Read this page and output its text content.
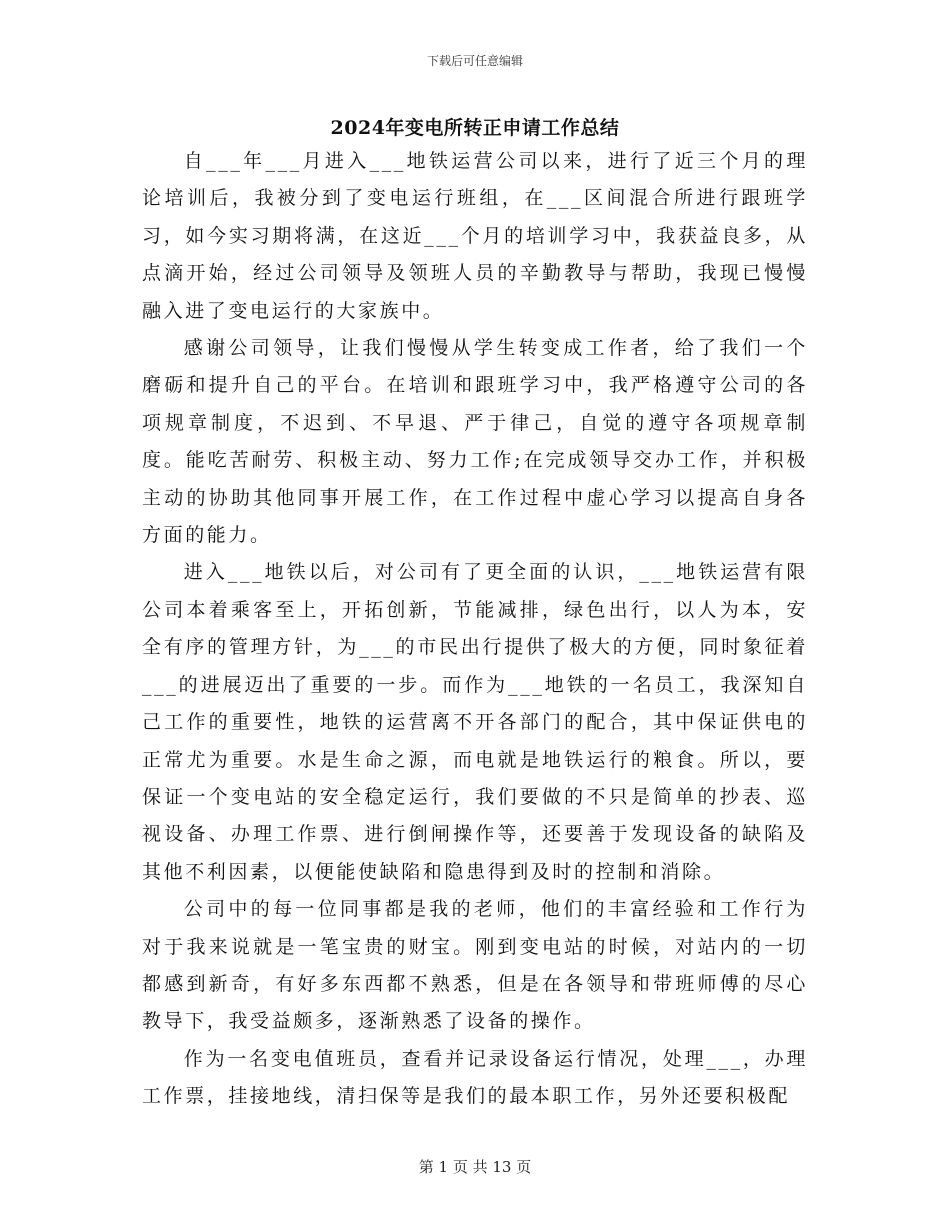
下载后可任意编辑
2024年变电所转正申请工作总结

自___年___月进入___地铁运营公司以来，进行了近三个月的理论培训后，我被分到了变电运行班组，在___区间混合所进行跟班学习，如今实习期将满，在这近___个月的培训学习中，我获益良多，从点滴开始，经过公司领导及领班人员的辛勤教导与帮助，我现已慢慢融入进了变电运行的大家族中。

感谢公司领导，让我们慢慢从学生转变成工作者，给了我们一个磨砺和提升自己的平台。在培训和跟班学习中，我严格遵守公司的各项规章制度，不迟到、不早退、严于律己，自觉的遵守各项规章制度。能吃苦耐劳、积极主动、努力工作;在完成领导交办工作，并积极主动的协助其他同事开展工作，在工作过程中虚心学习以提高自身各方面的能力。

进入___地铁以后，对公司有了更全面的认识，___地铁运营有限公司本着乘客至上，开拓创新，节能减排，绿色出行，以人为本，安全有序的管理方针，为___的市民出行提供了极大的方便，同时象征着___的进展迈出了重要的一步。而作为___地铁的一名员工，我深知自己工作的重要性，地铁的运营离不开各部门的配合，其中保证供电的正常尤为重要。水是生命之源，而电就是地铁运行的粮食。所以，要保证一个变电站的安全稳定运行，我们要做的不只是简单的抄表、巡视设备、办理工作票、进行倒闸操作等，还要善于发现设备的缺陷及其他不利因素，以便能使缺陷和隐患得到及时的控制和消除。

公司中的每一位同事都是我的老师，他们的丰富经验和工作行为对于我来说就是一笔宝贵的财宝。刚到变电站的时候，对站内的一切都感到新奇，有好多东西都不熟悉，但是在各领导和带班师傅的尽心教导下，我受益颇多，逐渐熟悉了设备的操作。

作为一名变电值班员，查看并记录设备运行情况，处理___，办理工作票，挂接地线，清扫保等是我们的最本职工作，另外还要积极配

第 1 页 共 13 页
